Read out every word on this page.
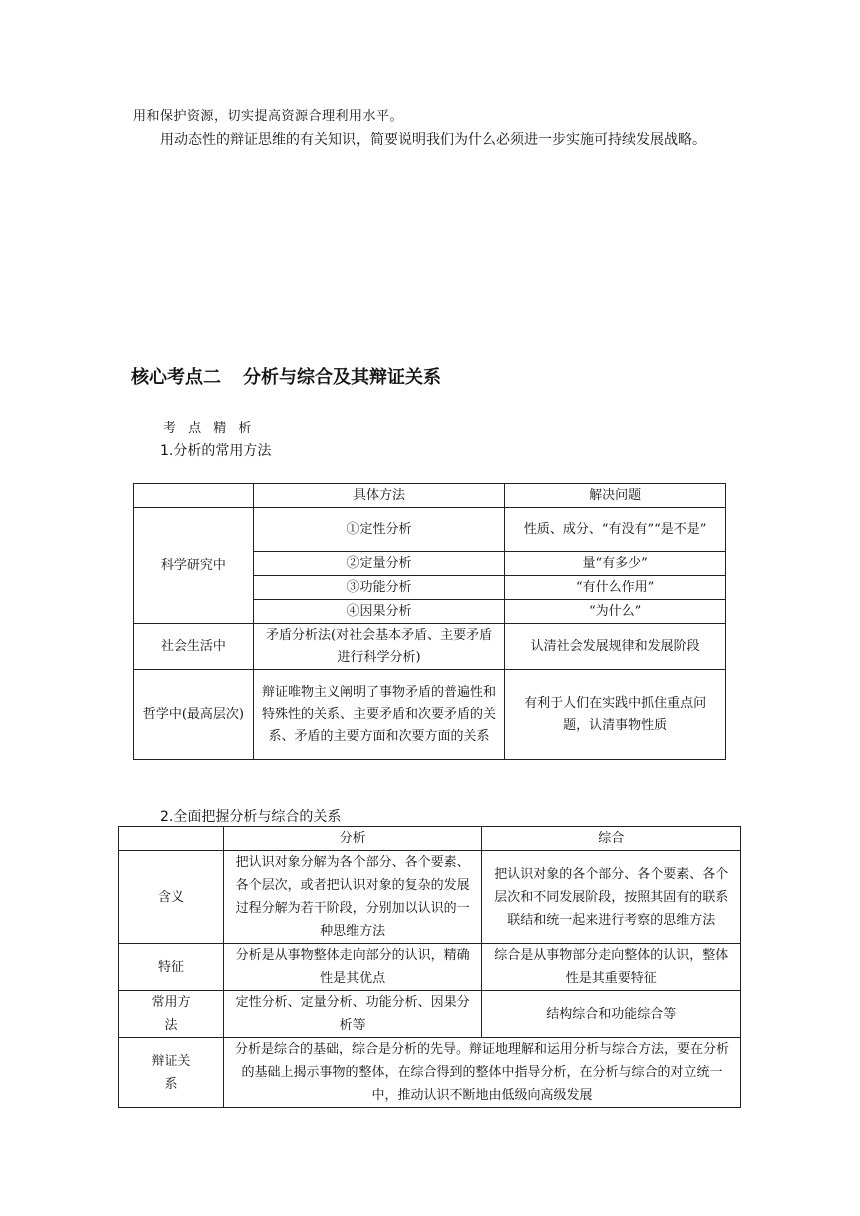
用和保护资源，切实提高资源合理利用水平。
用动态性的辩证思维的有关知识，简要说明我们为什么必须进一步实施可持续发展战略。
核心考点二 分析与综合及其辩证关系
考 点 精 析
1.分析的常用方法
	具体方法	解决问题
科学研究中	①定性分析	性质、成分、“有没有”“是不是”
	②定量分析	量“有多少”
	③功能分析	“有什么作用”
	④因果分析	“为什么”
社会生活中	矛盾分析法(对社会基本矛盾、主要矛盾进行科学分析)	认清社会发展规律和发展阶段
哲学中(最高层次)	辩证唯物主义阐明了事物矛盾的普遍性和特殊性的关系、主要矛盾和次要矛盾的关系、矛盾的主要方面和次要方面的关系	有利于人们在实践中抓住重点问题，认清事物性质
2.全面把握分析与综合的关系
	分析	综合
含义	把认识对象分解为各个部分、各个要素、各个层次，或者把认识对象的复杂的发展过程分解为若干阶段，分别加以认识的一种思维方法	把认识对象的各个部分、各个要素、各个层次和不同发展阶段，按照其固有的联系联结和统一起来进行考察的思维方法
特征	分析是从事物整体走向部分的认识，精确性是其优点	综合是从事物部分走向整体的认识，整体性是其重要特征
常用方法	定性分析、定量分析、功能分析、因果分析等	结构综合和功能综合等
辩证关系	分析是综合的基础，综合是分析的先导。辩证地理解和运用分析与综合方法，要在分析的基础上揭示事物的整体，在综合得到的整体中指导分析，在分析与综合的对立统一中，推动认识不断地由低级向高级发展	
